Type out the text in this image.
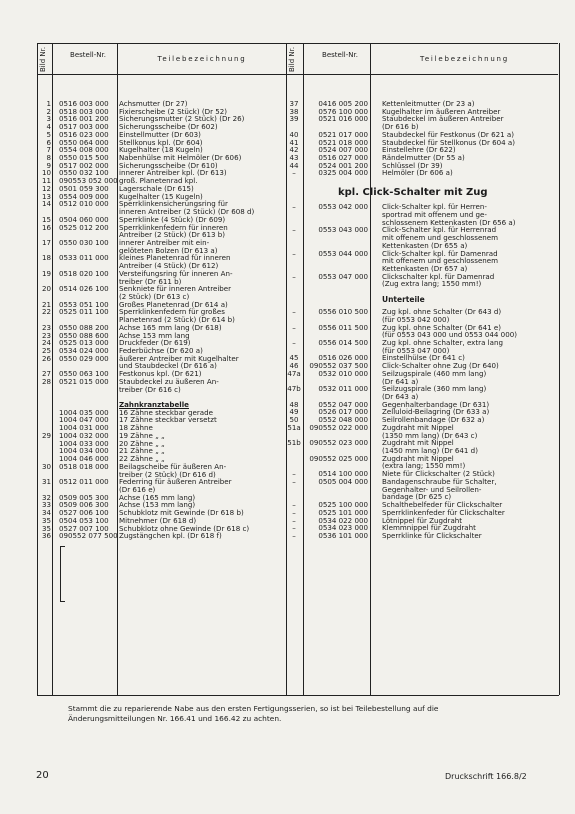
Bild Nr.	Bestell-Nr.	Teilebezeichnung
1 0516 003 000 Achsmutter (Dr 27)
2 0518 003 000 Fixierscheibe (2 Stück) (Dr 52)
3 0516 001 200 Sicherungsmutter (2 Stück) (Dr 26)
4 0517 003 000 Sicherungsscheibe (Dr 602)
5 0516 023 000 Einstellmutter (Dr 603)
6 0550 064 000 Stellkonus kpl. (Dr 604)
7 0554 008 000 Kugelhalter (18 Kugeln)
8 0550 015 500 Nabenhülse mit Helmöler (Dr 606)
9 0517 002 000 Sicherungsscheibe (Dr 610)
10 0550 032 100 innerer Antreiber kpl. (Dr 613)
11 090553 052 000 groß. Planetenrad kpl.
12 0501 059 300 Lagerschale (Dr 615)
13 0554 009 000 Kugelhalter (15 Kugeln)
14 0512 010 000 Sperrklinkensicherungsring für
inneren Antreiber (2 Stück) (Dr 608 d)
15 0504 060 000 Sperrklinke (4 Stück) (Dr 609)
16 0525 012 200 Sperrklinkenfedern für inneren
Antreiber (2 Stück) (Dr 613 b)
17 0550 030 100 innerer Antreiber mit ein-
gelöteten Bolzen (Dr 613 a)
18 0533 011 000 kleines Planetenrad für inneren
Antreiber (4 Stück) (Dr 612)
19 0518 020 100 Versteifungsring für inneren An-
treiber (Dr 611 b)
20 0514 026 100 Senkniete für inneren Antreiber
(2 Stück) (Dr 613 c)
21 0553 051 100 Großes Planetenrad (Dr 614 a)
22 0525 011 100 Sperrklinkenfedern für großes
Planetenrad (2 Stück) (Dr 614 b)
23 0550 088 200 Achse 165 mm lang (Dr 618)
23 0550 088 600 Achse 153 mm lang
24 0525 013 000 Druckfeder (Dr 619)
25 0534 024 000 Federbüchse (Dr 620 a)
26 0550 029 000 äußerer Antreiber mit Kugelhalter
und Staubdeckel (Dr 616 a)
27 0550 063 100 Festkonus kpl. (Dr 621)
28 0521 015 000 Staubdeckel zu äußeren An-
treiber (Dr 616 c)
Zahnkranztabelle
1004 035 000 16 Zähne steckbar gerade
1004 047 000 17 Zähne steckbar versetzt
1004 031 000 18 Zähne
29 1004 032 000 19 Zähne „ „
1004 033 000 20 Zähne „ „
1004 034 000 21 Zähne „ „
1004 046 000 22 Zähne „ „
30 0518 018 000 Beilagscheibe für äußeren An-
treiber (2 Stück) (Dr 616 d)
31 0512 011 000 Federring für äußeren Antreiber
(Dr 616 e)
32 0509 005 300 Achse (165 mm lang)
33 0509 006 300 Achse (153 mm lang)
34 0527 006 100 Schubklotz mit Gewinde (Dr 618 b)
35 0504 053 100 Mitnehmer (Dr 618 d)
35 0527 007 100 Schubklotz ohne Gewinde (Dr 618 c)
36 090552 077 500 Zugstängchen kpl. (Dr 618 f)
Bild Nr.	Bestell-Nr.	Teilebezeichnung
37	0416 005 200 Kettenleitmutter (Dr 23 a)
38	0576 100 000 Kugelhalter im äußeren Antreiber
39	0521 016 000 Staubdeckel im äußeren Antreiber
(Dr 616 b)
40	0521 017 000 Staubdeckel für Festkonus (Dr 621 a)
41	0521 018 000 Staubdeckel für Stellkonus (Dr 604 a)
42	0524 007 000 Einstellehre (Dr 622)
43	0516 027 000 Rändelmutter (Dr 55 a)
44	0524 001 200 Schlüssel (Dr 39)
–	0325 004 000 Helmöler (Dr 606 a)
kpl. Click-Schalter mit Zug
–	0553 042 000 Click-Schalter kpl. für Herren-
sportrad mit offenem und ge-
schlossenem Kettenkasten (Dr 656 a)
–	0553 043 000 Click-Schalter kpl. für Herrenrad
mit offenem und geschlossenem
Kettenkasten (Dr 655 a)
–	0553 044 000 Click-Schalter kpl. für Damenrad
mit offenem und geschlossenem
Kettenkasten (Dr 657 a)
–	0553 047 000 Clickschalter kpl. für Damenrad
(Zug extra lang; 1550 mm!)
Unterteile
–	0556 010 500 Zug kpl. ohne Schalter (Dr 643 d)
(für 0553 042 000)
–	0556 011 500 Zug kpl. ohne Schalter (Dr 641 e)
(für 0553 043 000 und 0553 044 000)
–	0556 014 500 Zug kpl. ohne Schalter, extra lang
(für 0553 047 000)
45	0516 026 000 Einstellhülse (Dr 641 c)
46	090552 037 500 Click-Schalter ohne Zug (Dr 640)
47a	0532 010 000 Seilzugspirale (460 mm lang)
(Dr 641 a)
47b	0532 011 000 Seilzugspirale (360 mm lang)
(Dr 643 a)
48	0552 047 000 Gegenhalterbandage (Dr 631)
49	0526 017 000 Zelluloid-Beilagring (Dr 633 a)
50	0552 048 000 Seilrollenbandage (Dr 632 a)
51a 090552 022 000 Zugdraht mit Nippel
(1350 mm lang) (Dr 643 c)
51b 090552 023 000 Zugdraht mit Nippel
(1450 mm lang) (Dr 641 d)
090552 025 000 Zugdraht mit Nippel
(extra lang; 1550 mm!)
–	0514 100 000 Niete für Clickschalter (2 Stück)
–	0505 004 000 Bandagenschraube für Schalter,
Gegenhalter- und Seilrollen-
bandage (Dr 625 c)
–	0525 100 000 Schalthebelfeder für Clickschalter
–	0525 101 000 Sperrklinkenfeder für Clickschalter
–	0534 022 000 Lötnippel für Zugdraht
–	0534 023 000 Klemmnippel für Zugdraht
–	0536 101 000 Sperrklinke für Clickschalter
Stammt die zu reparierende Nabe aus den ersten Fertigungsserien, so ist bei Teilebestellung auf die Änderungsmitteilungen Nr. 166.41 und 166.42 zu achten.
20	Druckschrift 166.8/2
